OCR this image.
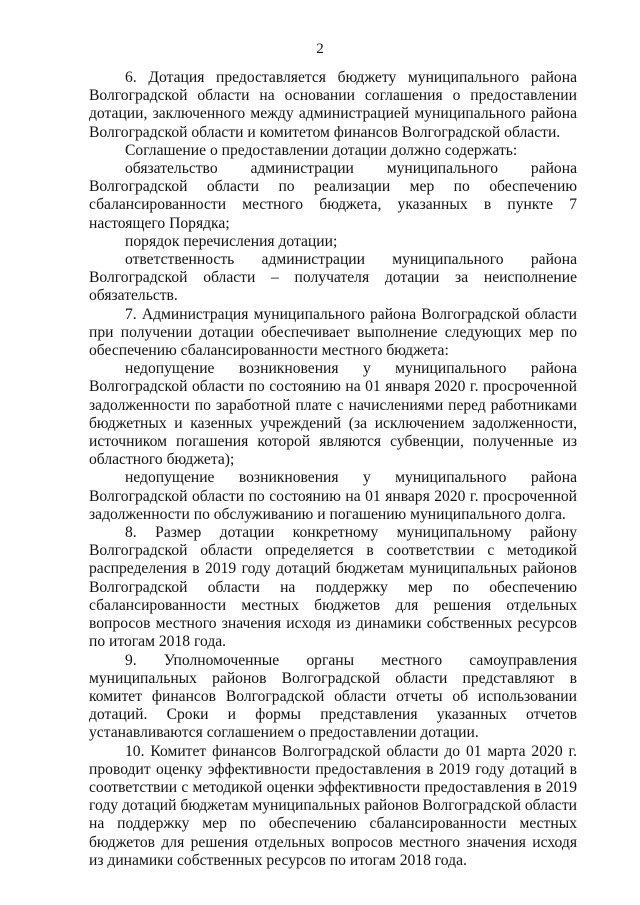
2

6. Дотация предоставляется бюджету муниципального района Волгоградской области на основании соглашения о предоставлении дотации, заключенного между администрацией муниципального района Волгоградской области и комитетом финансов Волгоградской области.

Соглашение о предоставлении дотации должно содержать:

обязательство администрации муниципального района Волгоградской области по реализации мер по обеспечению сбалансированности местного бюджета, указанных в пункте 7 настоящего Порядка;

порядок перечисления дотации;

ответственность администрации муниципального района Волгоградской области – получателя дотации за неисполнение обязательств.

7. Администрация муниципального района Волгоградской области при получении дотации обеспечивает выполнение следующих мер по обеспечению сбалансированности местного бюджета:

недопущение возникновения у муниципального района Волгоградской области по состоянию на 01 января 2020 г. просроченной задолженности по заработной плате с начислениями перед работниками бюджетных и казенных учреждений (за исключением задолженности, источником погашения которой являются субвенции, полученные из областного бюджета);

недопущение возникновения у муниципального района Волгоградской области по состоянию на 01 января 2020 г. просроченной задолженности по обслуживанию и погашению муниципального долга.

8. Размер дотации конкретному муниципальному району Волгоградской области определяется в соответствии с методикой распределения в 2019 году дотаций бюджетам муниципальных районов Волгоградской области на поддержку мер по обеспечению сбалансированности местных бюджетов для решения отдельных вопросов местного значения исходя из динамики собственных ресурсов по итогам 2018 года.

9. Уполномоченные органы местного самоуправления муниципальных районов Волгоградской области представляют в комитет финансов Волгоградской области отчеты об использовании дотаций. Сроки и формы представления указанных отчетов устанавливаются соглашением о предоставлении дотации.

10. Комитет финансов Волгоградской области до 01 марта 2020 г. проводит оценку эффективности предоставления в 2019 году дотаций в соответствии с методикой оценки эффективности предоставления в 2019 году дотаций бюджетам муниципальных районов Волгоградской области на поддержку мер по обеспечению сбалансированности местных бюджетов для решения отдельных вопросов местного значения исходя из динамики собственных ресурсов по итогам 2018 года.
